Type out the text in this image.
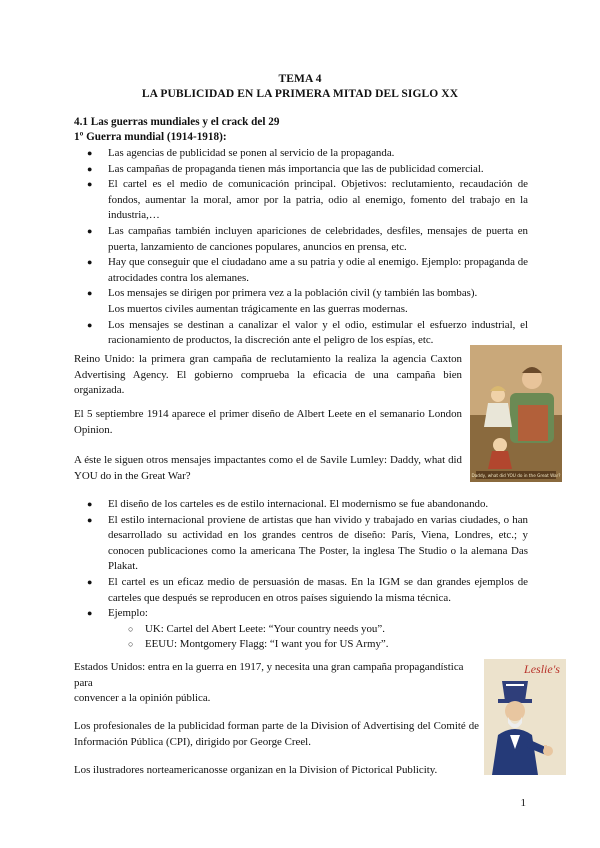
TEMA 4
LA PUBLICIDAD EN LA PRIMERA MITAD DEL SIGLO XX
4.1 Las guerras mundiales y el crack del 29
1º Guerra mundial (1914-1918):
● Las agencias de publicidad se ponen al servicio de la propaganda.
● Las campañas de propaganda tienen más importancia que las de publicidad comercial.
● El cartel es el medio de comunicación principal. Objetivos: reclutamiento, recaudación de fondos, aumentar la moral, amor por la patria, odio al enemigo, fomento del trabajo en la industria,…
● Las campañas también incluyen apariciones de celebridades, desfiles, mensajes de puerta en puerta, lanzamiento de canciones populares, anuncios en prensa, etc.
● Hay que conseguir que el ciudadano ame a su patria y odie al enemigo. Ejemplo: propaganda de atrocidades contra los alemanes.
● Los mensajes se dirigen por primera vez a la población civil (y también las bombas).
Los muertos civiles aumentan trágicamente en las guerras modernas.
● Los mensajes se destinan a canalizar el valor y el odio, estimular el esfuerzo industrial, el racionamiento de productos, la discreción ante el peligro de los espías, etc.
Reino Unido: la primera gran campaña de reclutamiento la realiza la agencia Caxton Advertising Agency. El gobierno comprueba la eficacia de una campaña bien organizada.
El 5 septiembre 1914 aparece el primer diseño de Albert Leete en el semanario London Opinion.
A éste le siguen otros mensajes impactantes como el de Savile Lumley: Daddy, what did YOU do in the Great War?	Daddy, what did YOU do in the Great War?
● El diseño de los carteles es de estilo internacional. El modernismo se fue abandonando.
● El estilo internacional proviene de artistas que han vivido y trabajado en varias ciudades, o han desarrollado su actividad en los grandes centros de diseño: París, Viena, Londres, etc.; y conocen publicaciones como la americana The Poster, la inglesa The Studio o la alemana Das Plakat.
● El cartel es un eficaz medio de persuasión de masas. En la IGM se dan grandes ejemplos de carteles que después se reproducen en otros países siguiendo la misma técnica.
● Ejemplo:
○ UK: Cartel del Abert Leete: “Your country needs you”.
○ EEUU: Montgomery Flagg: “I want you for US Army”.
Estados Unidos: entra en la guerra en 1917, y necesita una gran campaña propagandística para
convencer a la opinión pública.
Los profesionales de la publicidad forman parte de la Division of Advertising del Comité de Información Pública (CPI), dirigido por George Creel.
Los ilustradores norteamericanosse organizan en la Division of Pictorical Publicity.
Leslie's
1
